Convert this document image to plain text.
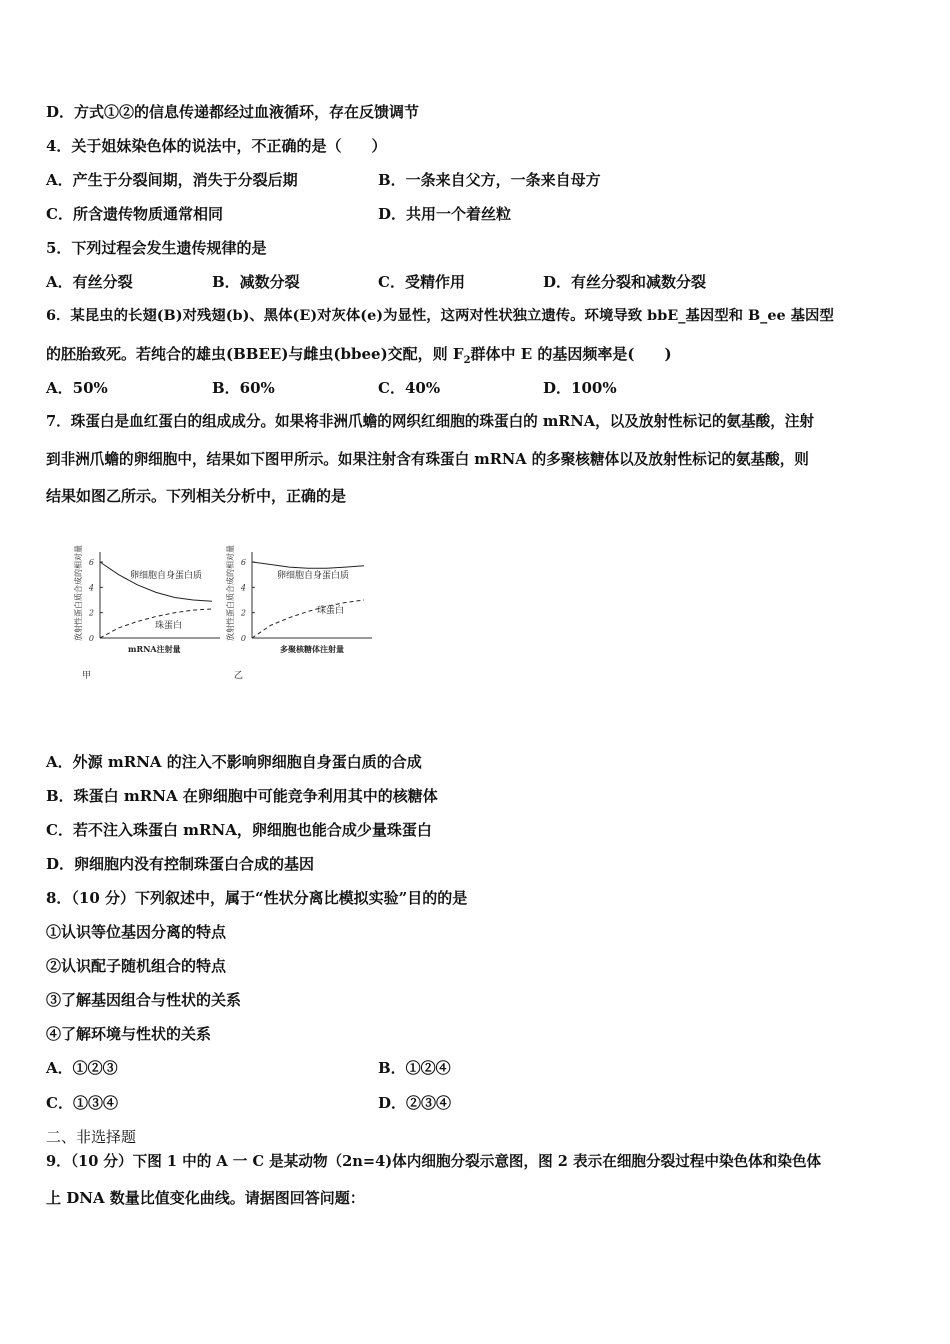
D．方式①②的信息传递都经过血液循环，存在反馈调节
4．关于姐妹染色体的说法中，不正确的是（　　）
A．产生于分裂间期，消失于分裂后期	B．一条来自父方，一条来自母方
C．所含遗传物质通常相同	D．共用一个着丝粒
5．下列过程会发生遗传规律的是
A．有丝分裂	B．减数分裂	C．受精作用	D．有丝分裂和减数分裂
6．某昆虫的长翅(B)对残翅(b)、黑体(E)对灰体(e)为显性，这两对性状独立遗传。环境导致 bbE_基因型和 B_ee 基因型
的胚胎致死。若纯合的雄虫(BBEE)与雌虫(bbee)交配，则 $F_2$群体中 E 的基因频率是(　　)
A．50%	B．60%	C．40%	D．100%
7．珠蛋白是血红蛋白的组成成分。如果将非洲爪蟾的网织红细胞的珠蛋白的 mRNA，以及放射性标记的氨基酸，注射
到非洲爪蟾的卵细胞中，结果如下图甲所示。如果注射含有珠蛋白 mRNA 的多聚核糖体以及放射性标记的氨基酸，则
结果如图乙所示。下列相关分析中，正确的是
0
2
4
6
卵细胞自身蛋白质
珠蛋白
mRNA注射量
甲
放射性蛋白质合成的相对量	0
2
4
6
卵细胞自身蛋白质
珠蛋白
多聚核糖体注射量
乙
放射性蛋白质合成的相对量
A．外源 mRNA 的注入不影响卵细胞自身蛋白质的合成
B．珠蛋白 mRNA 在卵细胞中可能竞争利用其中的核糖体
C．若不注入珠蛋白 mRNA，卵细胞也能合成少量珠蛋白
D．卵细胞内没有控制珠蛋白合成的基因
8．（10 分）下列叙述中，属于“性状分离比模拟实验”目的的是
①认识等位基因分离的特点
②认识配子随机组合的特点
③了解基因组合与性状的关系
④了解环境与性状的关系
A．①②③	B．①②④
C．①③④	D．②③④
二、非选择题
9．（10 分）下图 1 中的 A 一 C 是某动物（2n=4)体内细胞分裂示意图，图 2 表示在细胞分裂过程中染色体和染色体
上 DNA 数量比值变化曲线。请据图回答问题：
